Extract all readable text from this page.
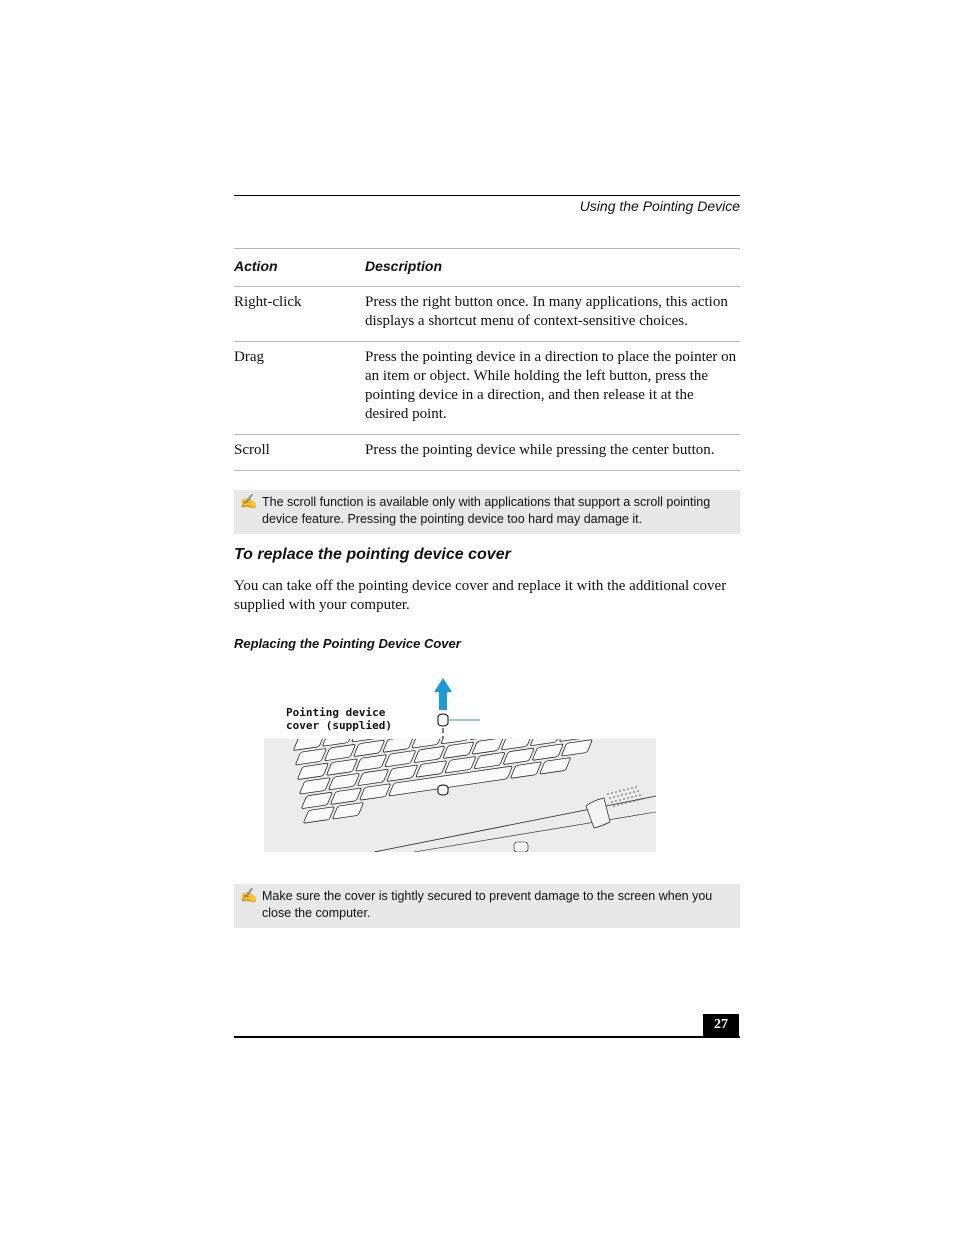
Using the Pointing Device
Action	Description
Right-click	Press the right button once. In many applications, this action displays a shortcut menu of context-sensitive choices.
Drag	Press the pointing device in a direction to place the pointer on an item or object. While holding the left button, press the pointing device in a direction, and then release it at the desired point.
Scroll	Press the pointing device while pressing the center button.
✍ The scroll function is available only with applications that support a scroll pointing device feature. Pressing the pointing device too hard may damage it.
To replace the pointing device cover
You can take off the pointing device cover and replace it with the additional cover supplied with your computer.
Replacing the Pointing Device Cover
Pointing device
cover (supplied)
✍ Make sure the cover is tightly secured to prevent damage to the screen when you close the computer.
27
